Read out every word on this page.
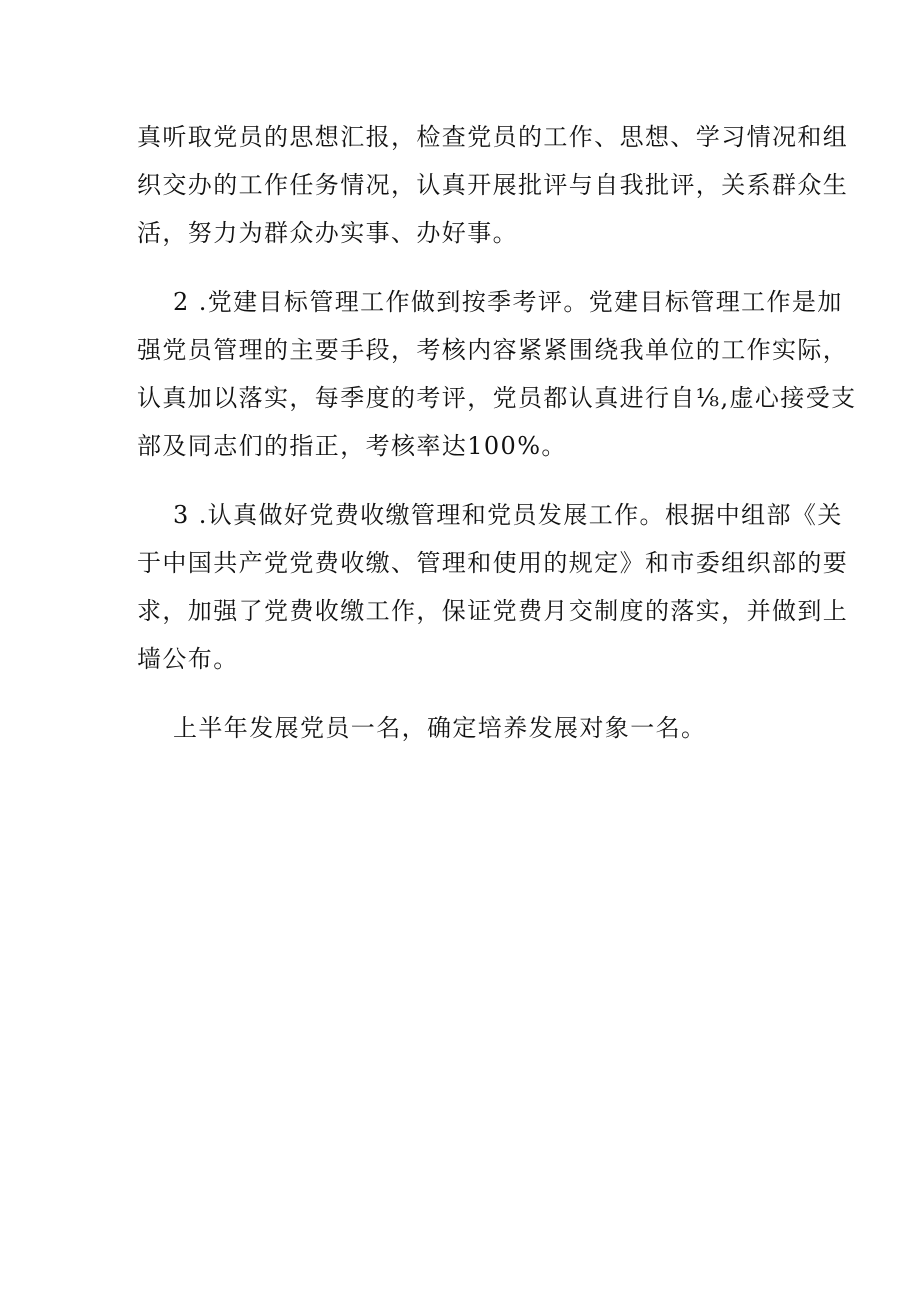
真听取党员的思想汇报，检查党员的工作、思想、学习情况和组
织交办的工作任务情况，认真开展批评与自我批评，关系群众生
活，努力为群众办实事、办好事。

2 .党建目标管理工作做到按季考评。党建目标管理工作是加
强党员管理的主要手段，考核内容紧紧围绕我单位的工作实际，
认真加以落实，每季度的考评，党员都认真进行自⅛,虚心接受支
部及同志们的指正，考核率达100%。

3 .认真做好党费收缴管理和党员发展工作。根据中组部《关
于中国共产党党费收缴、管理和使用的规定》和市委组织部的要
求，加强了党费收缴工作，保证党费月交制度的落实，并做到上
墙公布。

上半年发展党员一名，确定培养发展对象一名。
